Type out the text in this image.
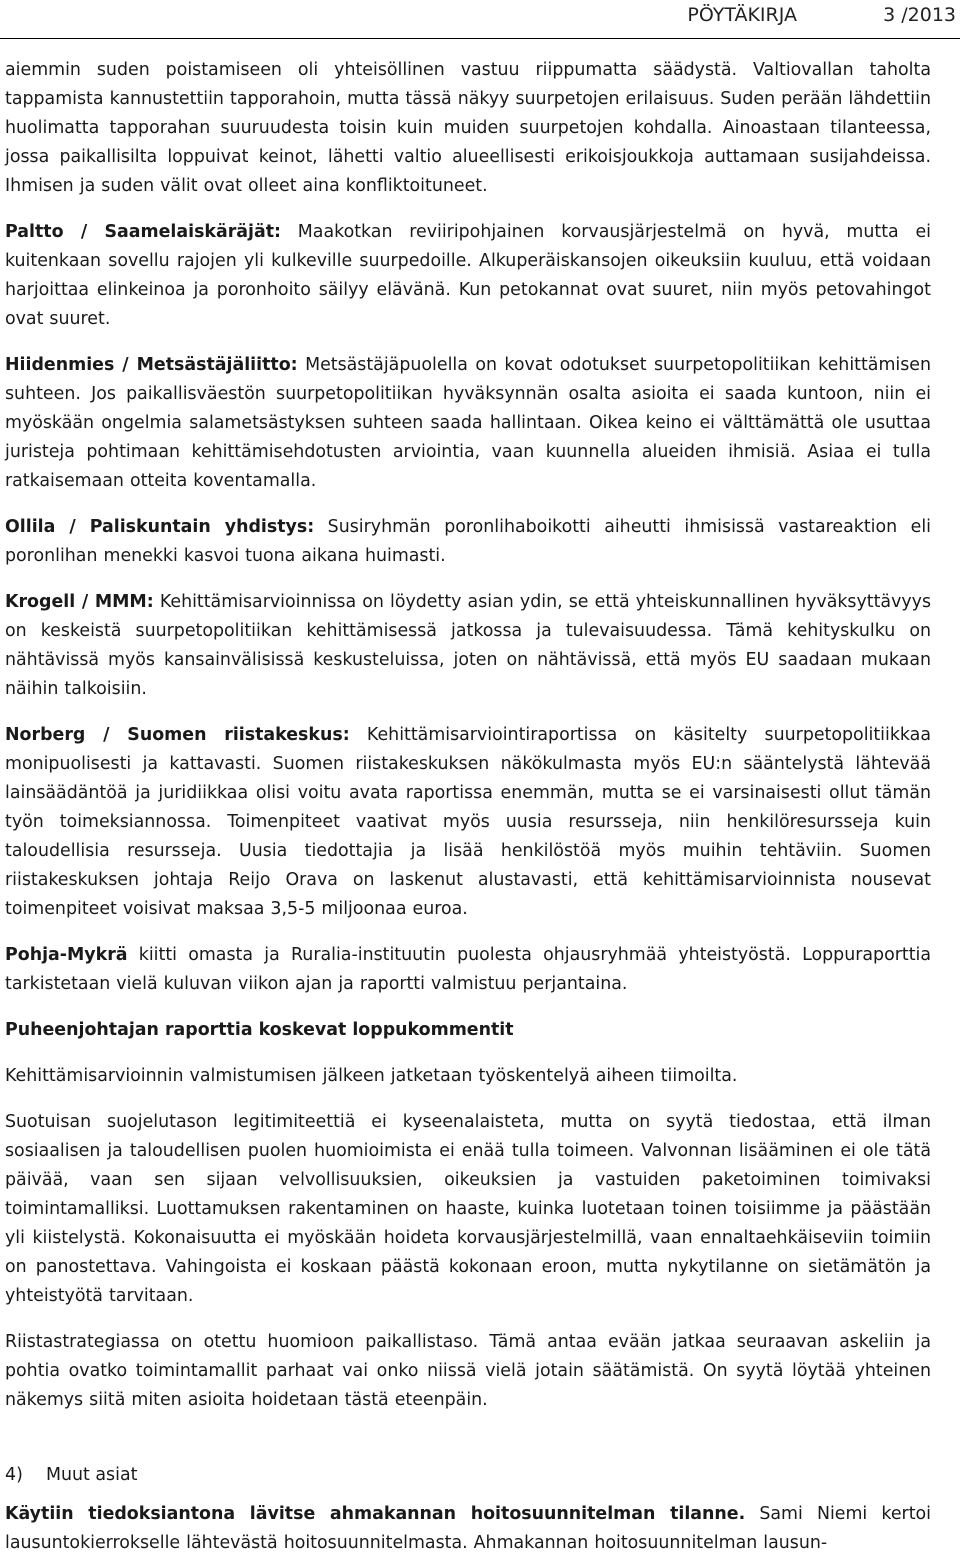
PÖYTÄKIRJA	3 /2013

aiemmin suden poistamiseen oli yhteisöllinen vastuu riippumatta säädystä. Valtiovallan taholta tappamista kannustettiin tapporahoin, mutta tässä näkyy suurpetojen erilaisuus. Suden perään lähdettiin huolimatta tapporahan suuruudesta toisin kuin muiden suurpetojen kohdalla. Ainoastaan tilanteessa, jossa paikallisilta loppuivat keinot, lähetti valtio alueellisesti erikoisjoukkoja auttamaan susijahdeissa. Ihmisen ja suden välit ovat olleet aina konfliktoituneet.

Paltto / Saamelaiskäräjät: Maakotkan reviiripohjainen korvausjärjestelmä on hyvä, mutta ei kuitenkaan sovellu rajojen yli kulkeville suurpedoille. Alkuperäiskansojen oikeuksiin kuuluu, että voidaan harjoittaa elinkeinoa ja poronhoito säilyy elävänä. Kun petokannat ovat suuret, niin myös petovahingot ovat suuret.

Hiidenmies / Metsästäjäliitto: Metsästäjäpuolella on kovat odotukset suurpetopolitiikan kehittämisen suhteen. Jos paikallisväestön suurpetopolitiikan hyväksynnän osalta asioita ei saada kuntoon, niin ei myöskään ongelmia salametsästyksen suhteen saada hallintaan. Oikea keino ei välttämättä ole usuttaa juristeja pohtimaan kehittämisehdotusten arviointia, vaan kuunnella alueiden ihmisiä. Asiaa ei tulla ratkaisemaan otteita koventamalla.

Ollila / Paliskuntain yhdistys: Susiryhmän poronlihaboikotti aiheutti ihmisissä vastareaktion eli poronlihan menekki kasvoi tuona aikana huimasti.

Krogell / MMM: Kehittämisarvioinnissa on löydetty asian ydin, se että yhteiskunnallinen hyväksyttävyys on keskeistä suurpetopolitiikan kehittämisessä jatkossa ja tulevaisuudessa. Tämä kehityskulku on nähtävissä myös kansainvälisissä keskusteluissa, joten on nähtävissä, että myös EU saadaan mukaan näihin talkoisiin.

Norberg / Suomen riistakeskus: Kehittämisarviointiraportissa on käsitelty suurpetopolitiikkaa monipuolisesti ja kattavasti. Suomen riistakeskuksen näkökulmasta myös EU:n sääntelystä lähtevää lainsäädäntöä ja juridiikkaa olisi voitu avata raportissa enemmän, mutta se ei varsinaisesti ollut tämän työn toimeksiannossa. Toimenpiteet vaativat myös uusia resursseja, niin henkilöresursseja kuin taloudellisia resursseja. Uusia tiedottajia ja lisää henkilöstöä myös muihin tehtäviin. Suomen riistakeskuksen johtaja Reijo Orava on laskenut alustavasti, että kehittämisarvioinnista nousevat toimenpiteet voisivat maksaa 3,5-5 miljoonaa euroa.

Pohja-Mykrä kiitti omasta ja Ruralia-instituutin puolesta ohjausryhmää yhteistyöstä. Loppuraporttia tarkistetaan vielä kuluvan viikon ajan ja raportti valmistuu perjantaina.

Puheenjohtajan raporttia koskevat loppukommentit

Kehittämisarvioinnin valmistumisen jälkeen jatketaan työskentelyä aiheen tiimoilta.

Suotuisan suojelutason legitimiteettiä ei kyseenalaisteta, mutta on syytä tiedostaa, että ilman sosiaalisen ja taloudellisen puolen huomioimista ei enää tulla toimeen. Valvonnan lisääminen ei ole tätä päivää, vaan sen sijaan velvollisuuksien, oikeuksien ja vastuiden paketoiminen toimivaksi toimintamalliksi. Luottamuksen rakentaminen on haaste, kuinka luotetaan toinen toisiimme ja päästään yli kiistelystä. Kokonaisuutta ei myöskään hoideta korvausjärjestelmillä, vaan ennaltaehkäiseviin toimiin on panostettava. Vahingoista ei koskaan päästä kokonaan eroon, mutta nykytilanne on sietämätön ja yhteistyötä tarvitaan.

Riistastrategiassa on otettu huomioon paikallistaso. Tämä antaa evään jatkaa seuraavan askeliin ja pohtia ovatko toimintamallit parhaat vai onko niissä vielä jotain säätämistä. On syytä löytää yhteinen näkemys siitä miten asioita hoidetaan tästä eteenpäin.

4) Muut asiat

Käytiin tiedoksiantona lävitse ahmakannan hoitosuunnitelman tilanne. Sami Niemi kertoi lausuntokierrokselle lähtevästä hoitosuunnitelmasta. Ahmakannan hoitosuunnitelman lausun-
